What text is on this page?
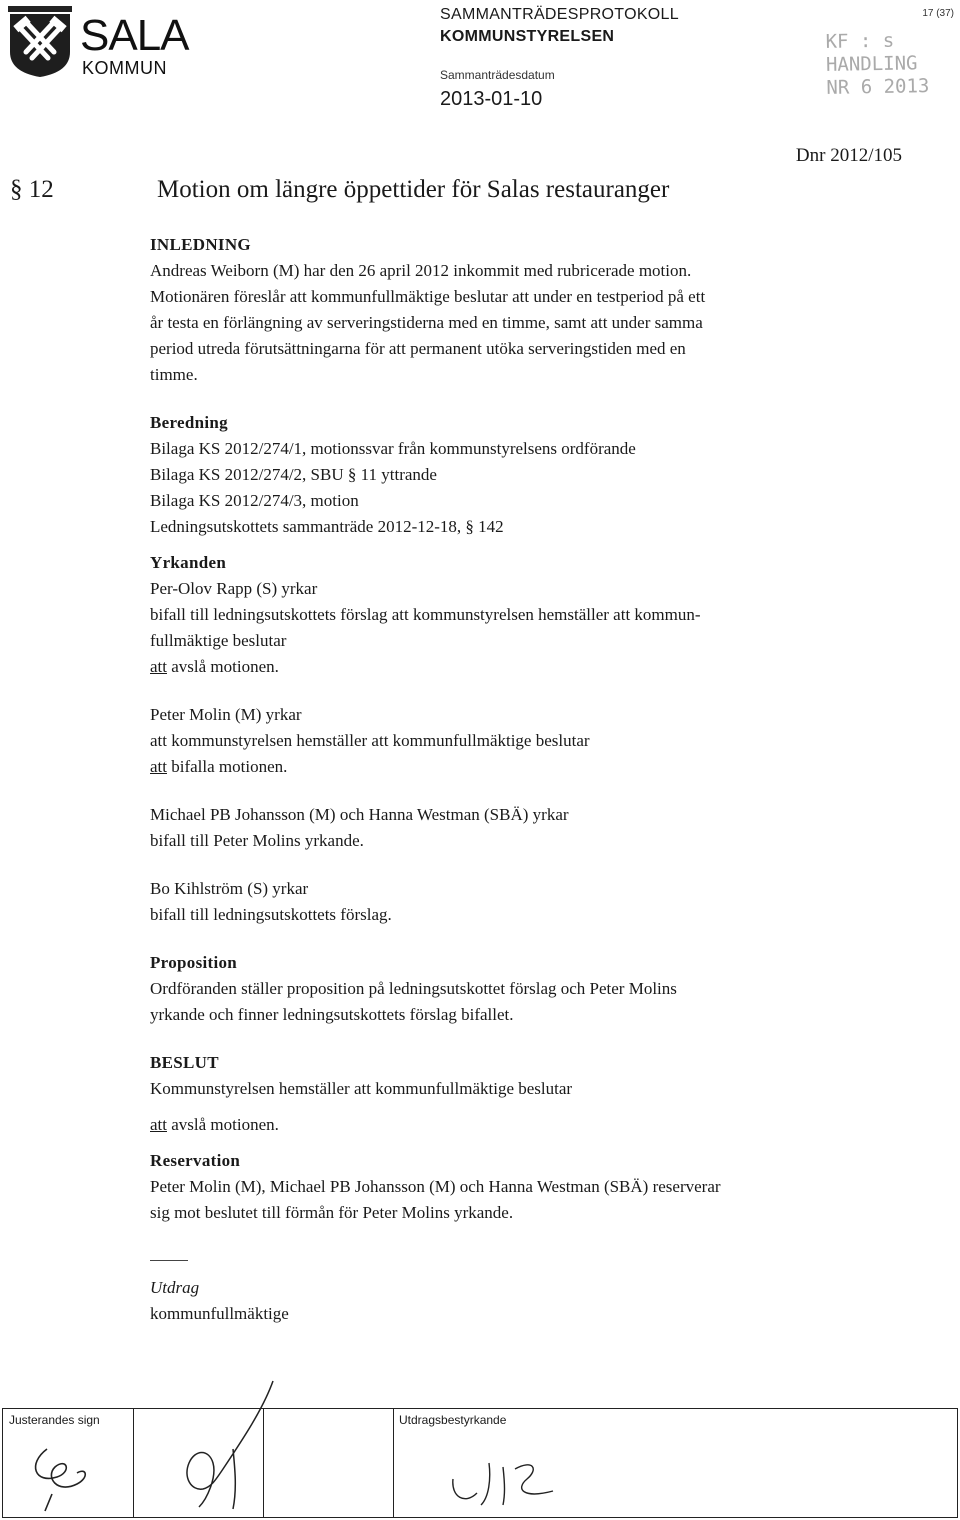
SALA
KOMMUN
SAMMANTRÄDESPROTOKOLL
KOMMUNSTYRELSEN
Sammanträdesdatum
2013-01-10
17 (37)
KF : s
HANDLING
NR 6 2013
Dnr 2012/105
§ 12	Motion om längre öppettider för Salas restauranger
INLEDNING

Andreas Weiborn (M) har den 26 april 2012 inkommit med rubricerade motion.

Motionären föreslår att kommunfullmäktige beslutar att under en testperiod på ett

år testa en förlängning av serveringstiderna med en timme, samt att under samma

period utreda förutsättningarna för att permanent utöka serveringstiden med en

timme.

Beredning

Bilaga KS 2012/274/1, motionssvar från kommunstyrelsens ordförande

Bilaga KS 2012/274/2, SBU § 11 yttrande

Bilaga KS 2012/274/3, motion

Ledningsutskottets sammanträde 2012-12-18, § 142

Yrkanden

Per-Olov Rapp (S) yrkar

bifall till ledningsutskottets förslag att kommunstyrelsen hemställer att kommun-

fullmäktige beslutar

att avslå motionen.

Peter Molin (M) yrkar

att kommunstyrelsen hemställer att kommunfullmäktige beslutar

att bifalla motionen.

Michael PB Johansson (M) och Hanna Westman (SBÄ) yrkar

bifall till Peter Molins yrkande.

Bo Kihlström (S) yrkar

bifall till ledningsutskottets förslag.

Proposition

Ordföranden ställer proposition på ledningsutskottet förslag och Peter Molins

yrkande och finner ledningsutskottets förslag bifallet.

BESLUT

Kommunstyrelsen hemställer att kommunfullmäktige beslutar

att avslå motionen.

Reservation

Peter Molin (M), Michael PB Johansson (M) och Hanna Westman (SBÄ) reserverar

sig mot beslutet till förmån för Peter Molins yrkande.

Utdrag

kommunfullmäktige

Justerandes sign	Utdragsbestyrkande
